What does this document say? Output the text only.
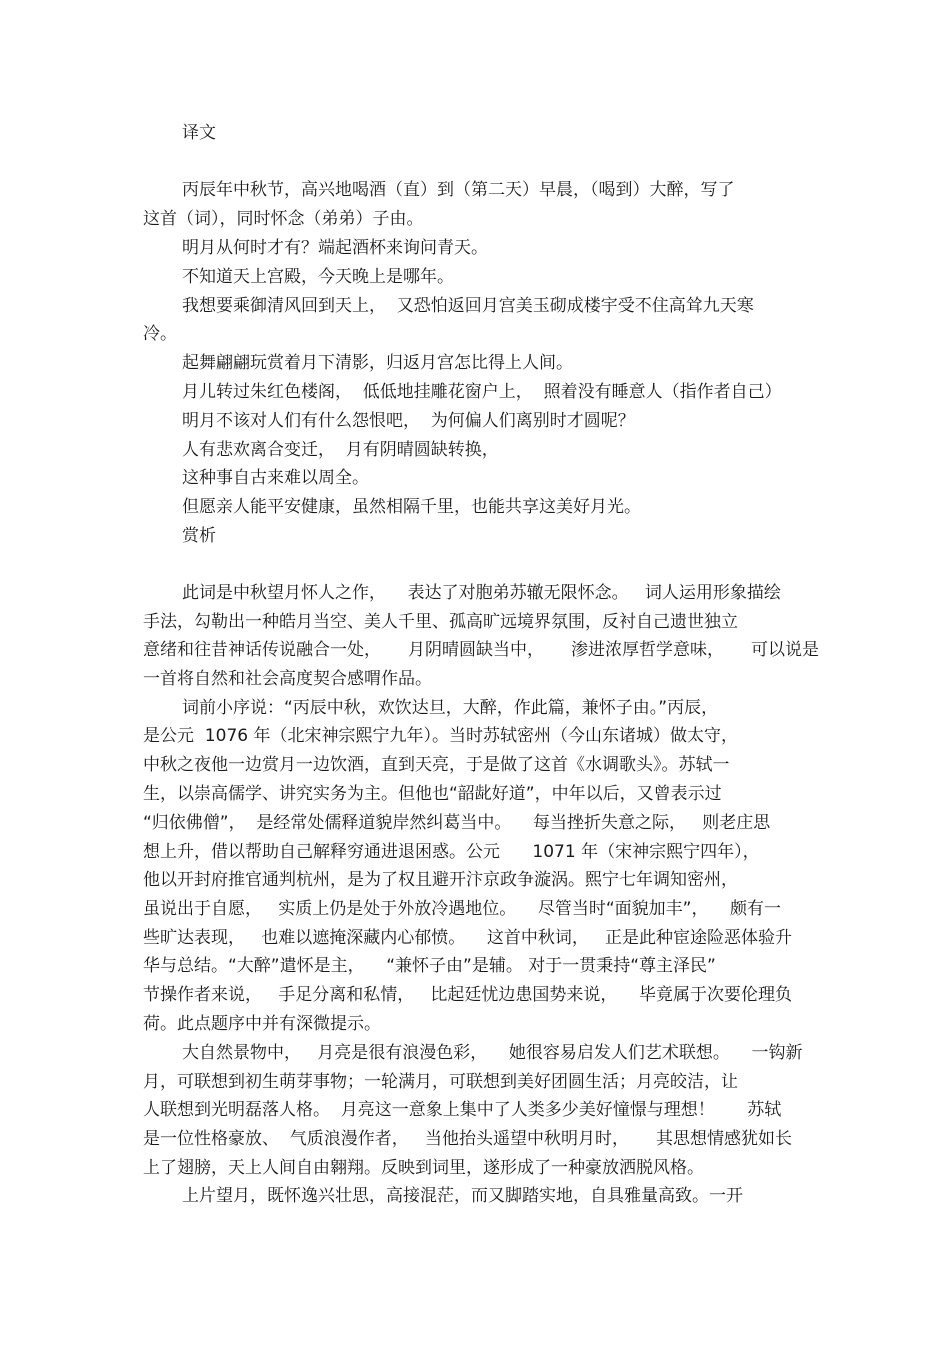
译文
丙辰年中秋节，高兴地喝酒（直）到（第二天）早晨，（喝到）大醉，写了
这首（词），同时怀念（弟弟）子由。
明月从何时才有？端起酒杯来询问青天。
不知道天上宫殿，今天晚上是哪年。
我想要乘御清风回到天上，  又恐怕返回月宫美玉砌成楼宇受不住高耸九天寒
冷。
起舞翩翩玩赏着月下清影，归返月宫怎比得上人间。
月儿转过朱红色楼阁，  低低地挂雕花窗户上，  照着没有睡意人（指作者自己）
明月不该对人们有什么怨恨吧，  为何偏人们离别时才圆呢？
人有悲欢离合变迁，  月有阴晴圆缺转换，
这种事自古来难以周全。
但愿亲人能平安健康，虽然相隔千里，也能共享这美好月光。
赏析
此词是中秋望月怀人之作，    表达了对胞弟苏辙无限怀念。   词人运用形象描绘
手法，勾勒出一种皓月当空、美人千里、孤高旷远境界氛围，反衬自己遗世独立
意绪和往昔神话传说融合一处，     月阴晴圆缺当中，     渗进浓厚哲学意味，     可以说是
一首将自然和社会高度契合感喟作品。
词前小序说：“丙辰中秋，欢饮达旦，大醉，作此篇，兼怀子由。”丙辰，
是公元  1076 年（北宋神宗熙宁九年）。当时苏轼密州（今山东诸城）做太守，
中秋之夜他一边赏月一边饮酒，直到天亮，于是做了这首《水调歌头》。苏轼一
生，以崇高儒学、讲究实务为主。但他也“韶龀好道”，中年以后，又曾表示过
“归依佛僧”，  是经常处儒释道貌岸然纠葛当中。    每当挫折失意之际，   则老庄思
想上升，借以帮助自己解释穷通进退困惑。公元      1071 年（宋神宗熙宁四年），
他以开封府推官通判杭州，是为了权且避开汴京政争漩涡。熙宁七年调知密州，
虽说出于自愿，   实质上仍是处于外放冷遇地位。    尽管当时“面貌加丰”，    颇有一
些旷达表现，   也难以遮掩深藏内心郁愤。    这首中秋词，   正是此种宦途险恶体验升
华与总结。“大醉”遣怀是主，    “兼怀子由”是辅。 对于一贯秉持“尊主泽民”
节操作者来说，   手足分离和私情，   比起廷忧边患国势来说，    毕竟属于次要伦理负
荷。此点题序中并有深微提示。
大自然景物中，   月亮是很有浪漫色彩，    她很容易启发人们艺术联想。    一钩新
月，可联想到初生萌芽事物；一轮满月，可联想到美好团圆生活；月亮皎洁，让
人联想到光明磊落人格。  月亮这一意象上集中了人类多少美好憧憬与理想！      苏轼
是一位性格豪放、  气质浪漫作者，   当他抬头遥望中秋明月时，     其思想情感犹如长
上了翅膀，天上人间自由翱翔。反映到词里，遂形成了一种豪放洒脱风格。
上片望月，既怀逸兴壮思，高接混茫，而又脚踏实地，自具雅量高致。一开
